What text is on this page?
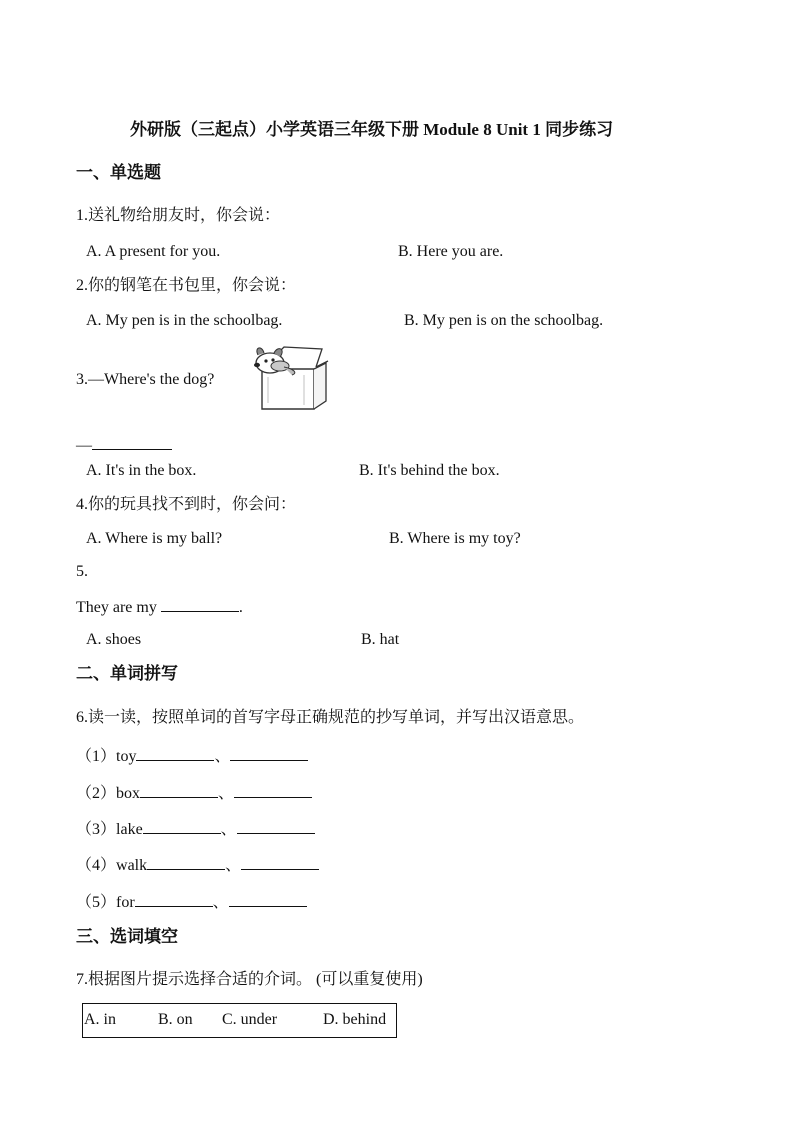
外研版（三起点）小学英语三年级下册 Module 8 Unit 1 同步练习
一、单选题
1.送礼物给朋友时，你会说：
A. A present for you.	B. Here you are.
2.你的钢笔在书包里，你会说：
A. My pen is in the schoolbag.	B. My pen is on the schoolbag.
3.—Where's the dog?
—
A. It's in the box.	B. It's behind the box.
4.你的玩具找不到时，你会问：
A. Where is my ball?	B. Where is my toy?
5.
They are my	.
A. shoes	B. hat
二、单词拼写
6.读一读，按照单词的首写字母正确规范的抄写单词，并写出汉语意思。
（1）toy	、
（2）box	、
（3）lake	、
（4）walk	、
（5）for	、
三、选词填空
7.根据图片提示选择合适的介词。 (可以重复使用)
A. in	B. on C. under	D. behind
